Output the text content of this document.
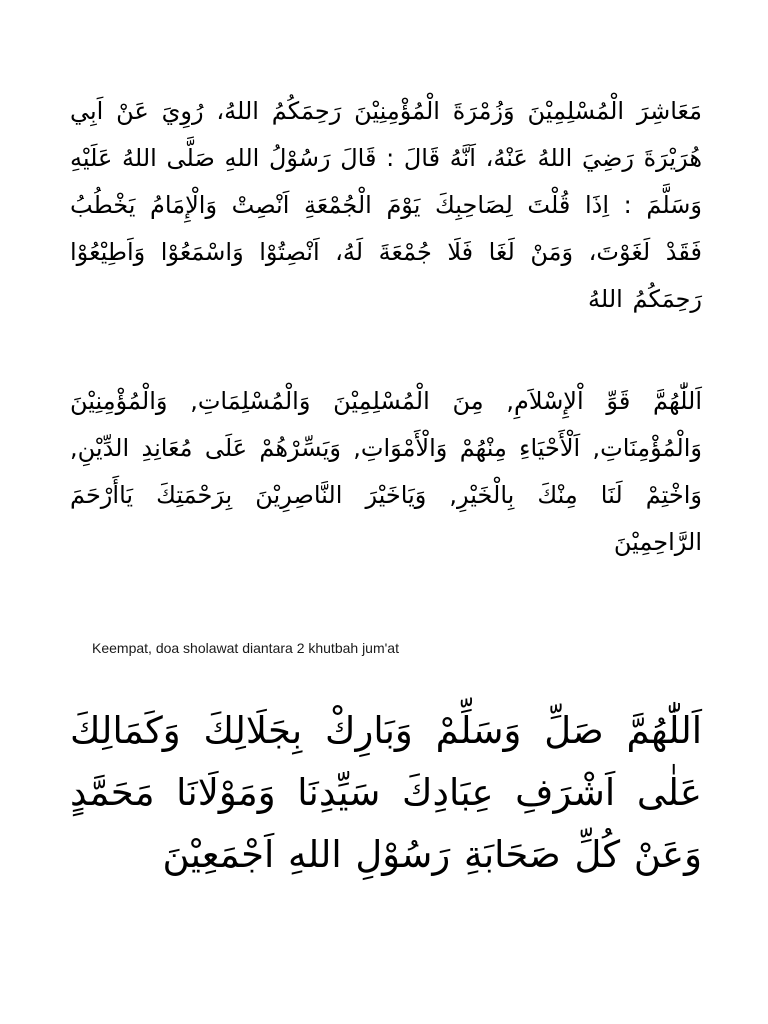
مَعَاشِرَ الْمُسْلِمِيْنَ وَزُمْرَةَ الْمُؤْمِنِيْنَ رَحِمَكُمُ اللهُ، رُوِيَ عَنْ اَبِي هُرَيْرَةَ رَضِيَ اللهُ عَنْهُ، اَنَّهُ قَالَ : قَالَ رَسُوْلُ اللهِ صَلَّى اللهُ عَلَيْهِ وَسَلَّمَ : اِذَا قُلْتَ لِصَاحِبِكَ يَوْمَ الْجُمْعَةِ اَنْصِتْ وَالْإِمَامُ يَخْطُبُ فَقَدْ لَغَوْتَ، وَمَنْ لَغَا فَلَا جُمْعَةَ لَهُ، اَنْصِتُوْا وَاسْمَعُوْا وَاَطِيْعُوْا رَحِمَكُمُ اللهُ

اَللّٰهُمَّ قَوِّ اْلإِسْلاَمِ, مِنَ الْمُسْلِمِيْنَ وَالْمُسْلِمَاتِ, وَالْمُؤْمِنِيْنَ وَالْمُؤْمِنَاتِ, اَلْأَحْيَاءِ مِنْهُمْ وَالْأَمْوَاتِ, وَيَسِّرْهُمْ عَلَى مُعَانِدِ الدِّيْنِ, وَاخْتِمْ لَنَا مِنْكَ بِالْخَيْرِ, وَيَاخَيْرَ النَّاصِرِيْنَ بِرَحْمَتِكَ يَاأَرْحَمَ الرَّاحِمِيْنَ

Keempat, doa sholawat diantara 2 khutbah jum'at

اَللّٰهُمَّ صَلِّ وَسَلِّمْ وَبَارِكْ بِجَلَالِكَ وَكَمَالِكَ عَلٰى اَشْرَفِ عِبَادِكَ سَيِّدِنَا وَمَوْلَانَا مَحَمَّدٍ وَعَنْ كُلِّ صَحَابَةِ رَسُوْلِ اللهِ اَجْمَعِيْنَ
